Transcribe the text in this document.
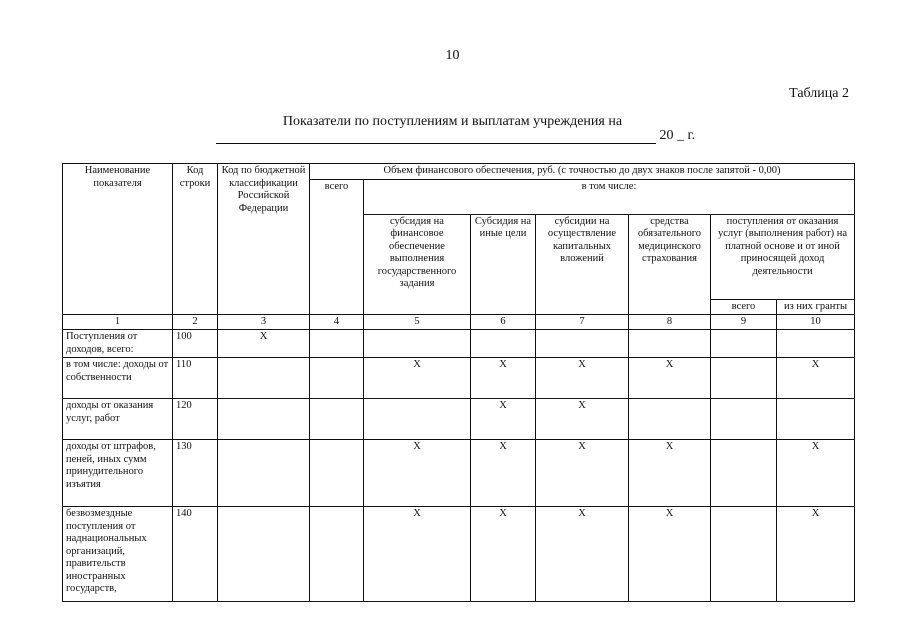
10
Таблица 2
Показатели по поступлениям и выплатам учреждения на
20 _ г.
Наименование показателя	Код строки	Код по бюджетной классификации Российской Федерации	Объем финансового обеспечения, руб. (с точностью до двух знаков после запятой - 0,00)						
			всего	в том числе:					
				субсидия на финансовое обеспечение выполнения государственного задания	Субсидия на иные цели	субсидии на осуществление капитальных вложений	средства обязательного медицинского страхования	поступления от оказания услуг (выполнения работ) на платной основе и от иной приносящей доход деятельности	
								всего	из них гранты
1	2	3	4	5	6	7	8	9	10
Поступления от доходов, всего:	100	X							
в том числе: доходы от собственности	110			X	X	X	X		X
доходы от оказания услуг, работ	120				X	X			
доходы от штрафов, пеней, иных сумм принудительного изъятия	130			X	X	X	X		X
безвозмездные поступления от наднациональных организаций, правительств иностранных государств,	140			X	X	X	X		X
